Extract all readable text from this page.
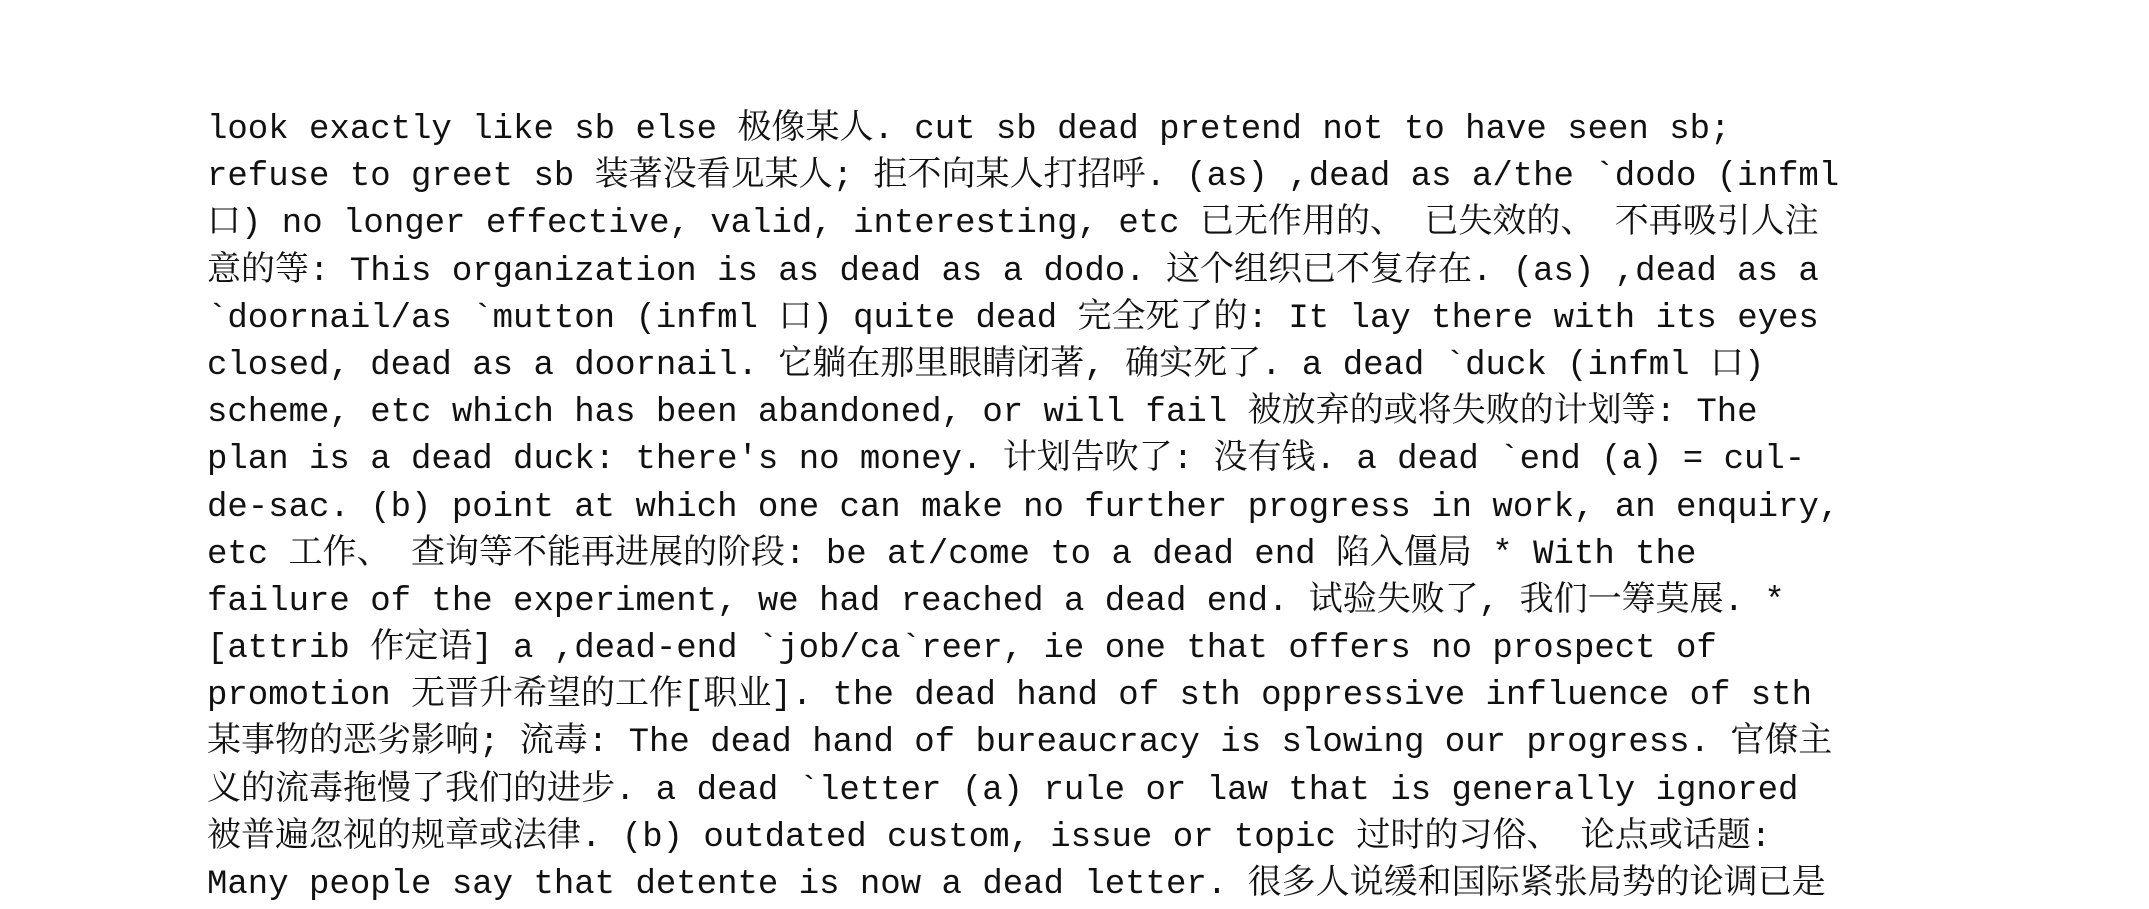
look exactly like sb else 极像某人. cut sb dead pretend not to have seen sb;
refuse to greet sb 装著没看见某人; 拒不向某人打招呼. (as) ,dead as a/the `dodo (infml
口) no longer effective, valid, interesting, etc 已无作用的、 已失效的、 不再吸引人注
意的等: This organization is as dead as a dodo. 这个组织已不复存在. (as) ,dead as a
`doornail/as `mutton (infml 口) quite dead 完全死了的: It lay there with its eyes
closed, dead as a doornail. 它躺在那里眼睛闭著, 确实死了. a dead `duck (infml 口)
scheme, etc which has been abandoned, or will fail 被放弃的或将失败的计划等: The
plan is a dead duck: there's no money. 计划告吹了: 没有钱. a dead `end (a) = cul-
de-sac. (b) point at which one can make no further progress in work, an enquiry,
etc 工作、 查询等不能再进展的阶段: be at/come to a dead end 陷入僵局 * With the
failure of the experiment, we had reached a dead end. 试验失败了, 我们一筹莫展. *
[attrib 作定语] a ,dead-end `job/ca`reer, ie one that offers no prospect of
promotion 无晋升希望的工作[职业]. the dead hand of sth oppressive influence of sth
某事物的恶劣影响; 流毒: The dead hand of bureaucracy is slowing our progress. 官僚主
义的流毒拖慢了我们的进步. a dead `letter (a) rule or law that is generally ignored
被普遍忽视的规章或法律. (b) outdated custom, issue or topic 过时的习俗、 论点或话题:
Many people say that detente is now a dead letter. 很多人说缓和国际紧张局势的论调已是
